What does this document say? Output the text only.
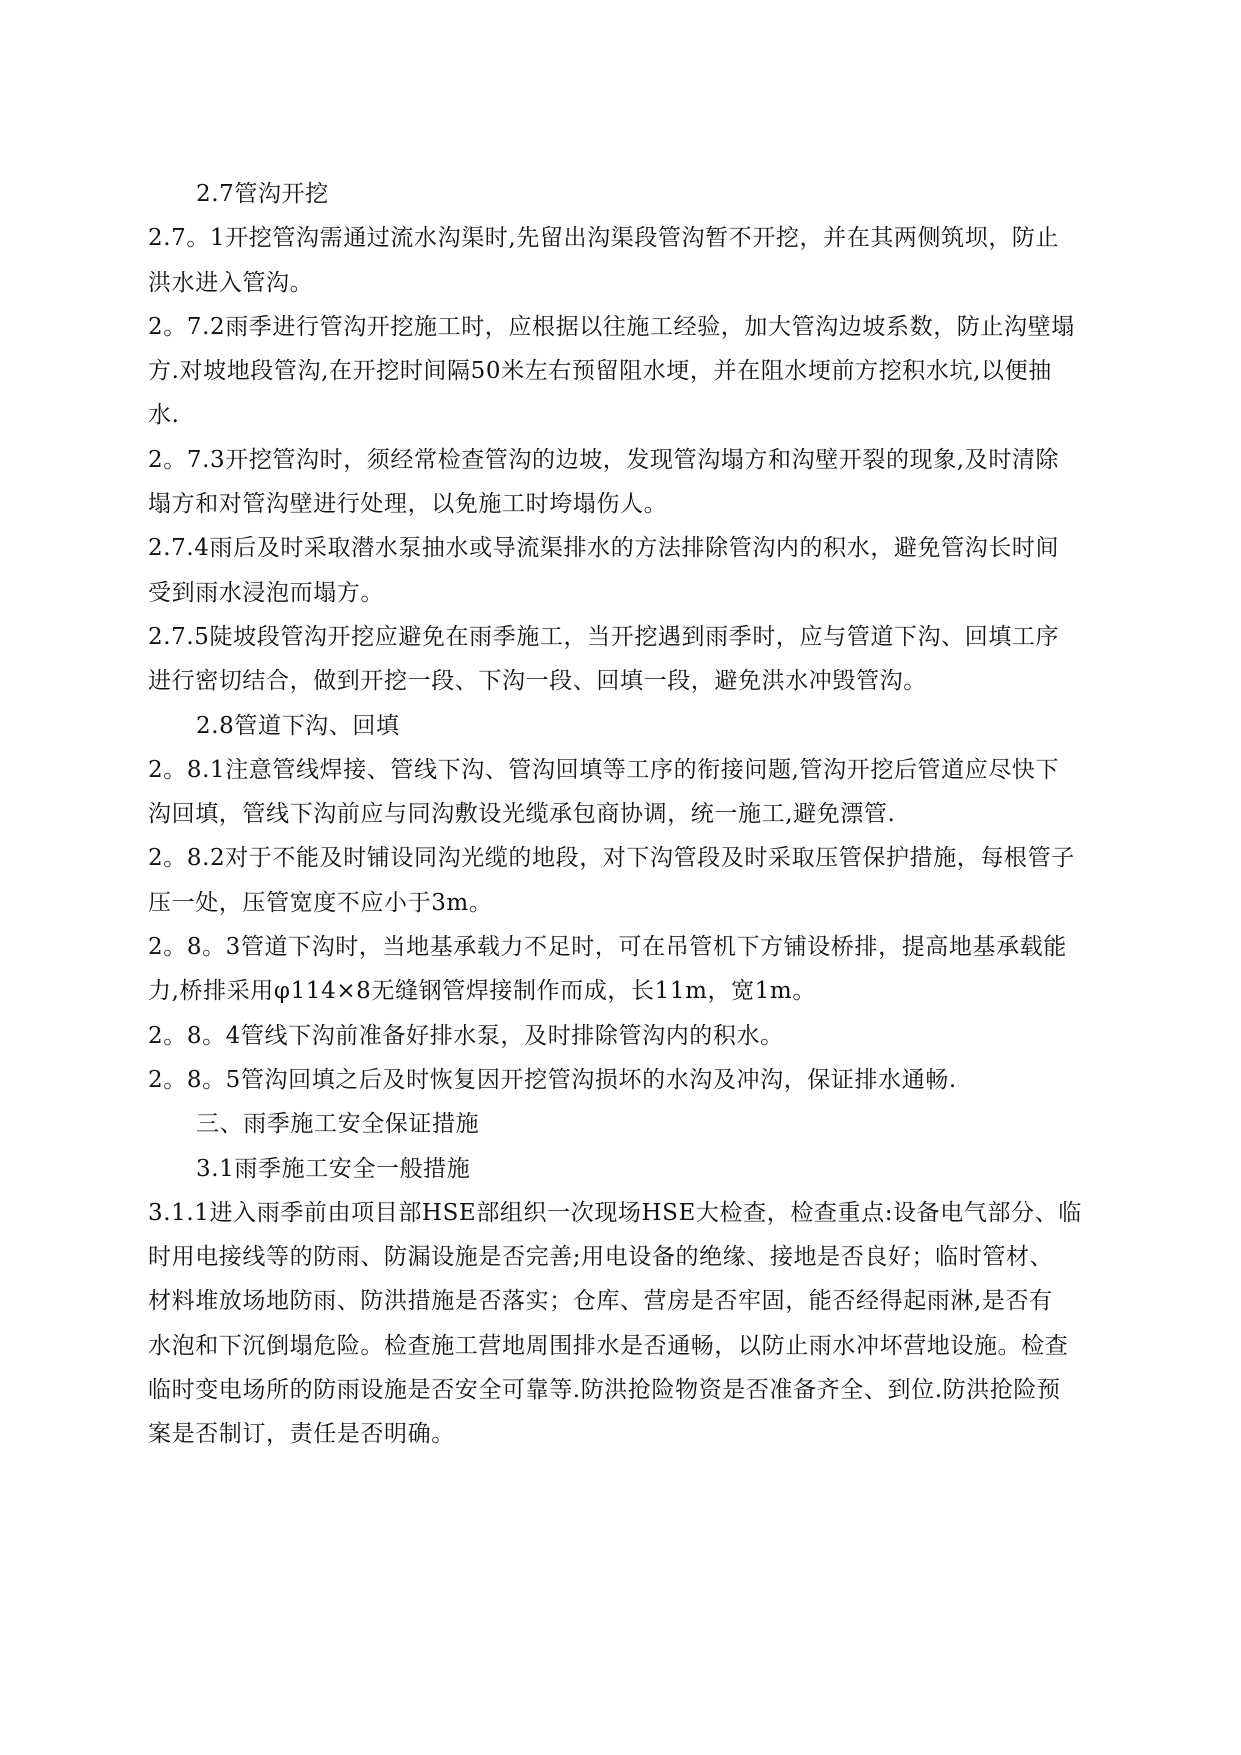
2.7管沟开挖
2.7。1开挖管沟需通过流水沟渠时,先留出沟渠段管沟暂不开挖，并在其两侧筑坝，防止
洪水进入管沟。
2。7.2雨季进行管沟开挖施工时，应根据以往施工经验，加大管沟边坡系数，防止沟壁塌
方.对坡地段管沟,在开挖时间隔50米左右预留阻水埂，并在阻水埂前方挖积水坑,以便抽
水.
2。7.3开挖管沟时，须经常检查管沟的边坡，发现管沟塌方和沟壁开裂的现象,及时清除
塌方和对管沟壁进行处理，以免施工时垮塌伤人。
2.7.4雨后及时采取潜水泵抽水或导流渠排水的方法排除管沟内的积水，避免管沟长时间
受到雨水浸泡而塌方。
2.7.5陡坡段管沟开挖应避免在雨季施工，当开挖遇到雨季时，应与管道下沟、回填工序
进行密切结合，做到开挖一段、下沟一段、回填一段，避免洪水冲毁管沟。
2.8管道下沟、回填
2。8.1注意管线焊接、管线下沟、管沟回填等工序的衔接问题,管沟开挖后管道应尽快下
沟回填，管线下沟前应与同沟敷设光缆承包商协调，统一施工,避免漂管.
2。8.2对于不能及时铺设同沟光缆的地段，对下沟管段及时采取压管保护措施，每根管子
压一处，压管宽度不应小于3m。
2。8。3管道下沟时，当地基承载力不足时，可在吊管机下方铺设桥排，提高地基承载能
力,桥排采用φ114×8无缝钢管焊接制作而成，长11m，宽1m。
2。8。4管线下沟前准备好排水泵，及时排除管沟内的积水。
2。8。5管沟回填之后及时恢复因开挖管沟损坏的水沟及冲沟，保证排水通畅.
三、雨季施工安全保证措施
3.1雨季施工安全一般措施
3.1.1进入雨季前由项目部HSE部组织一次现场HSE大检查，检查重点:设备电气部分、临
时用电接线等的防雨、防漏设施是否完善;用电设备的绝缘、接地是否良好；临时管材、
材料堆放场地防雨、防洪措施是否落实；仓库、营房是否牢固，能否经得起雨淋,是否有
水泡和下沉倒塌危险。检查施工营地周围排水是否通畅，以防止雨水冲坏营地设施。检查
临时变电场所的防雨设施是否安全可靠等.防洪抢险物资是否准备齐全、到位.防洪抢险预
案是否制订，责任是否明确。
